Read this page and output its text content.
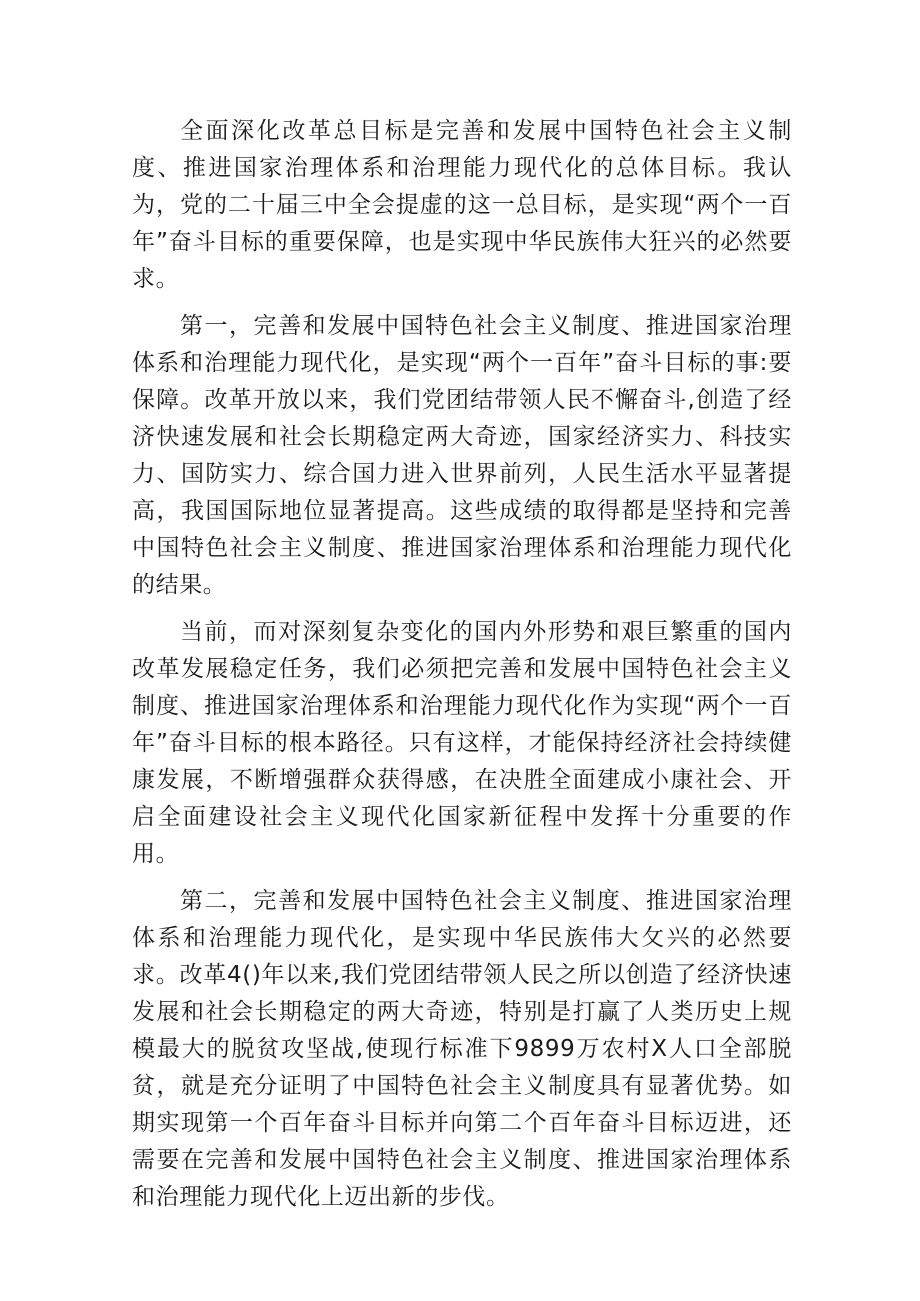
全面深化改革总目标是完善和发展中国特色社会主义制度、推进国家治理体系和治理能力现代化的总体目标。我认为，党的二十届三中全会提虚的这一总目标，是实现“两个一百年”奋斗目标的重要保障，也是实现中华民族伟大狂兴的必然要求。

第一，完善和发展中国特色社会主义制度、推进国家治理体系和治理能力现代化，是实现“两个一百年”奋斗目标的事:要保障。改革开放以来，我们党团结带领人民不懈奋斗,创造了经济快速发展和社会长期稳定两大奇迹，国家经济实力、科技实力、国防实力、综合国力进入世界前列，人民生活水平显著提高，我国国际地位显著提高。这些成绩的取得都是坚持和完善中国特色社会主义制度、推进国家治理体系和治理能力现代化的结果。

当前，而对深刻复杂变化的国内外形势和艰巨繁重的国内改革发展稳定任务，我们必须把完善和发展中国特色社会主义制度、推进国家治理体系和治理能力现代化作为实现“两个一百年”奋斗目标的根本路径。只有这样，才能保持经济社会持续健康发展，不断增强群众获得感，在决胜全面建成小康社会、开启全面建设社会主义现代化国家新征程中发挥十分重要的作用。

第二，完善和发展中国特色社会主义制度、推进国家治理体系和治理能力现代化，是实现中华民族伟大攵兴的必然要求。改革4()年以来,我们党团结带领人民之所以创造了经济快速发展和社会长期稳定的两大奇迹，特别是打赢了人类历史上规模最大的脱贫攻坚战,使现行标准下9899万农村X人口全部脱贫，就是充分证明了中国特色社会主义制度具有显著优势。如期实现第一个百年奋斗目标并向第二个百年奋斗目标迈进，还需要在完善和发展中国特色社会主义制度、推进国家治理体系和治理能力现代化上迈出新的步伐。
